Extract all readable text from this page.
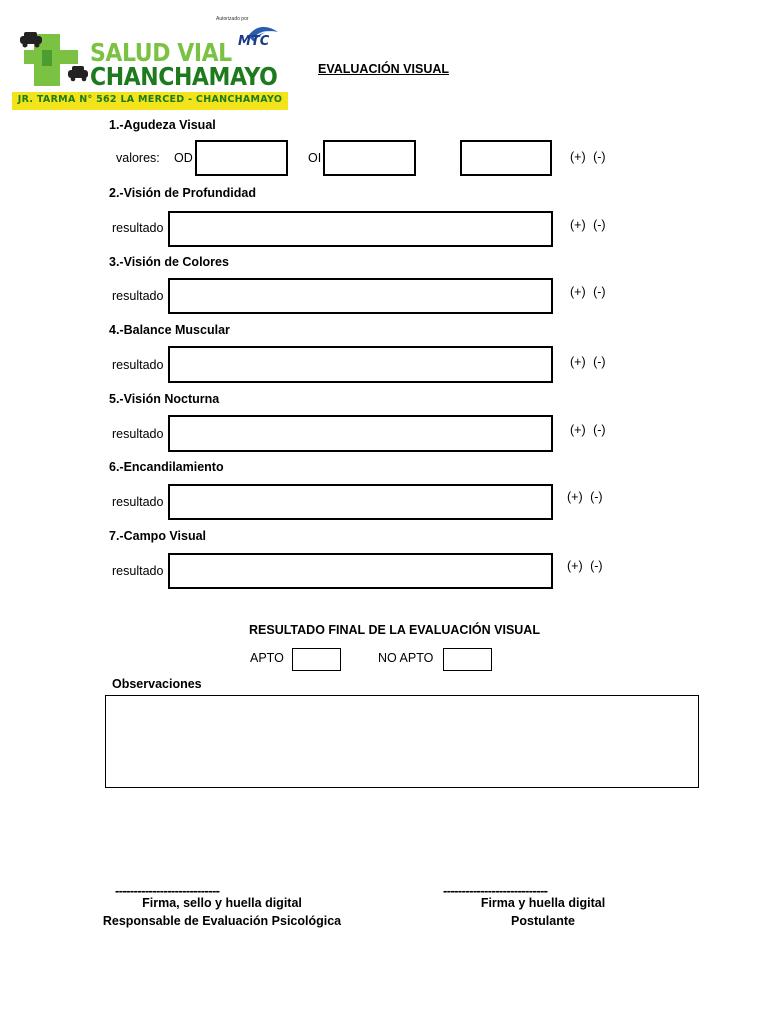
Autorizado por
MTC
SALUD VIAL
CHANCHAMAYO
JR. TARMA N° 562 LA MERCED - CHANCHAMAYO
EVALUACIÓN VISUAL
1.-Agudeza Visual
valores: OD	OI	(+) (-)
2.-Visión de Profundidad
resultado	(+) (-)
3.-Visión de Colores
resultado	(+) (-)
4.-Balance Muscular
resultado	(+) (-)
5.-Visión Nocturna
resultado	(+) (-)
6.-Encandilamiento
resultado	(+) (-)
7.-Campo Visual
resultado	(+) (-)
RESULTADO FINAL DE LA EVALUACIÓN VISUAL
APTO	NO APTO
Observaciones
----------------------------
Firma, sello y huella digital
Responsable de Evaluación Psicológica
----------------------------
Firma y huella digital
Postulante
